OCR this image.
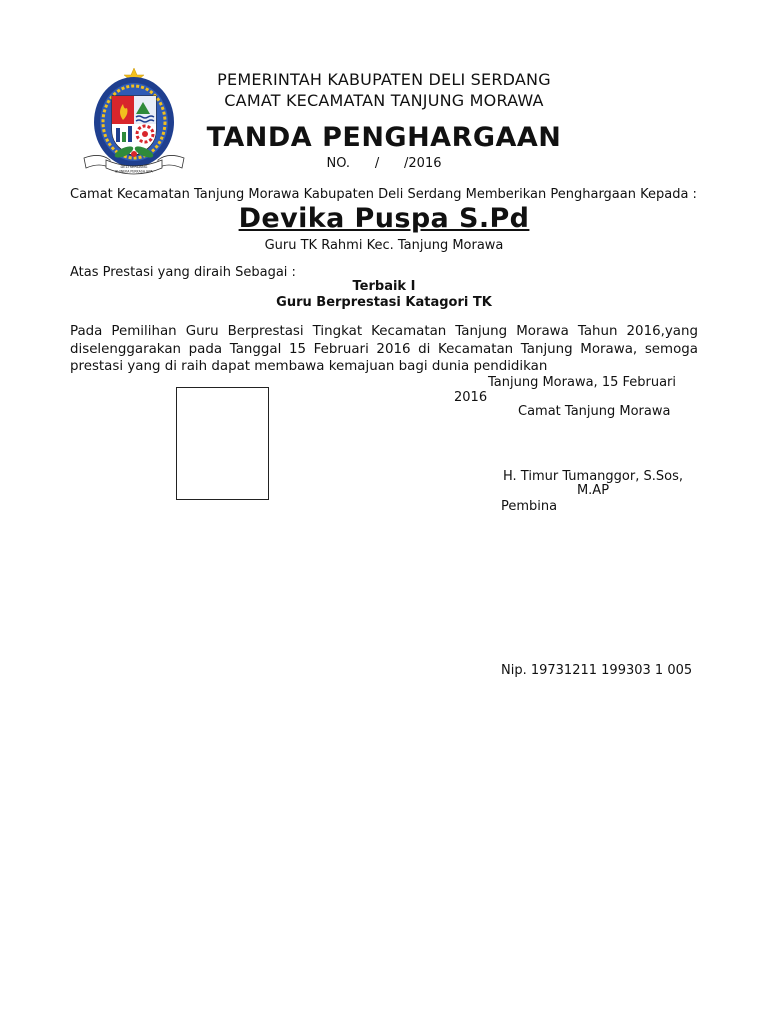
DELI SERDANG
BHINEKA PERKASA JAYA
PEMERINTAH KABUPATEN DELI SERDANG
CAMAT KECAMATAN TANJUNG MORAWA
TANDA PENGHARGAAN
NO.      /      /2016
Camat Kecamatan Tanjung Morawa Kabupaten Deli Serdang Memberikan Penghargaan Kepada :
Devika Puspa S.Pd
Guru TK Rahmi Kec. Tanjung Morawa
Atas Prestasi yang diraih Sebagai :
Terbaik I
Guru Berprestasi Katagori TK
Pada Pemilihan Guru Berprestasi Tingkat Kecamatan Tanjung Morawa Tahun 2016,yang diselenggarakan pada Tanggal 15 Februari 2016 di Kecamatan Tanjung Morawa, semoga prestasi yang di raih dapat membawa kemajuan bagi dunia pendidikan
Tanjung Morawa, 15 Februari 2016
Camat Tanjung Morawa
H. Timur Tumanggor, S.Sos, M.AP
Pembina
Nip. 19731211 199303 1 005
